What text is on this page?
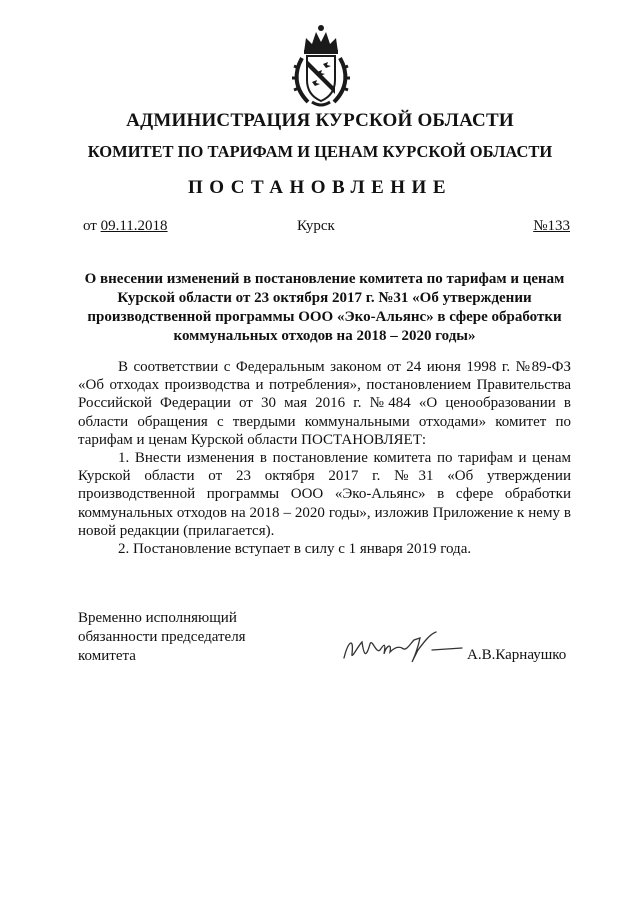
АДМИНИСТРАЦИЯ КУРСКОЙ ОБЛАСТИ
КОМИТЕТ ПО ТАРИФАМ И ЦЕНАМ КУРСКОЙ ОБЛАСТИ
ПОСТАНОВЛЕНИЕ
от 09.11.2018	Курск	№133
О внесении изменений в постановление комитета по тарифам и ценам
Курской области от 23 октября 2017 г. №31 «Об утверждении
производственной программы ООО «Эко-Альянс» в сфере обработки
коммунальных отходов на 2018 – 2020 годы»

В соответствии с Федеральным законом от 24 июня 1998 г. №89-ФЗ «Об отходах производства и потребления», постановлением Правительства Российской Федерации от 30 мая 2016 г. №484 «О ценообразовании в области обращения с твердыми коммунальными отходами» комитет по тарифам и ценам Курской области ПОСТАНОВЛЯЕТ:

1. Внести изменения в постановление комитета по тарифам и ценам Курской области от 23 октября 2017 г. №31 «Об утверждении производственной программы ООО «Эко-Альянс» в сфере обработки коммунальных отходов на 2018 – 2020 годы», изложив Приложение к нему в новой редакции (прилагается).

2. Постановление вступает в силу с 1 января 2019 года.

Временно исполняющий
обязанности председателя
комитета	А.В.Карнаушко
